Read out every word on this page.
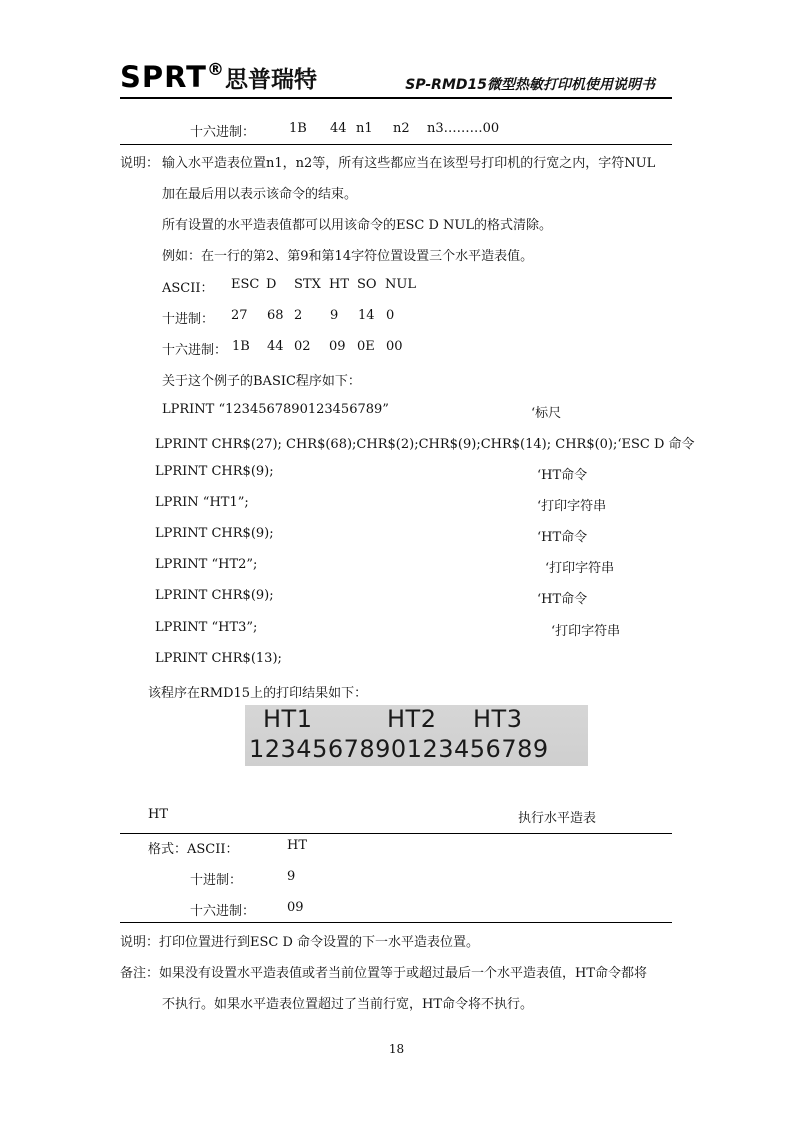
SPRT®思普瑞特	SP-RMD15微型热敏打印机使用说明书
十六进制：	1B 44 n1 n2 n3………00
说明： 输入水平造表位置n1，n2等，所有这些都应当在该型号打印机的行宽之内，字符NUL
加在最后用以表示该命令的结束。
所有设置的水平造表值都可以用该命令的ESC D NUL的格式清除。
例如：在一行的第2、第9和第14字符位置设置三个水平造表值。
ASCII： ESC D STX HT SO NUL
十进制： 27 68 2 9 14 0
十六进制： 1B 44 02 09 0E 00
关于这个例子的BASIC程序如下：
LPRINT “1234567890123456789”	‘标尺
LPRINT CHR$(27); CHR$(68);CHR$(2);CHR$(9);CHR$(14); CHR$(0);‘ESC D 命令
LPRINT CHR$(9);	‘HT命令
LPRIN “HT1”;	‘打印字符串
LPRINT CHR$(9);	‘HT命令
LPRINT “HT2”;	‘打印字符串
LPRINT CHR$(9);	‘HT命令
LPRINT “HT3”;	‘打印字符串
LPRINT CHR$(13);
该程序在RMD15上的打印结果如下：
HT1	HT2 HT3
1234567890123456789
HT	执行水平造表
格式：ASCII：	HT
十进制：	9
十六进制： 09
说明：打印位置进行到ESC D 命令设置的下一水平造表位置。
备注：如果没有设置水平造表值或者当前位置等于或超过最后一个水平造表值，HT命令都将
不执行。如果水平造表位置超过了当前行宽，HT命令将不执行。
18
